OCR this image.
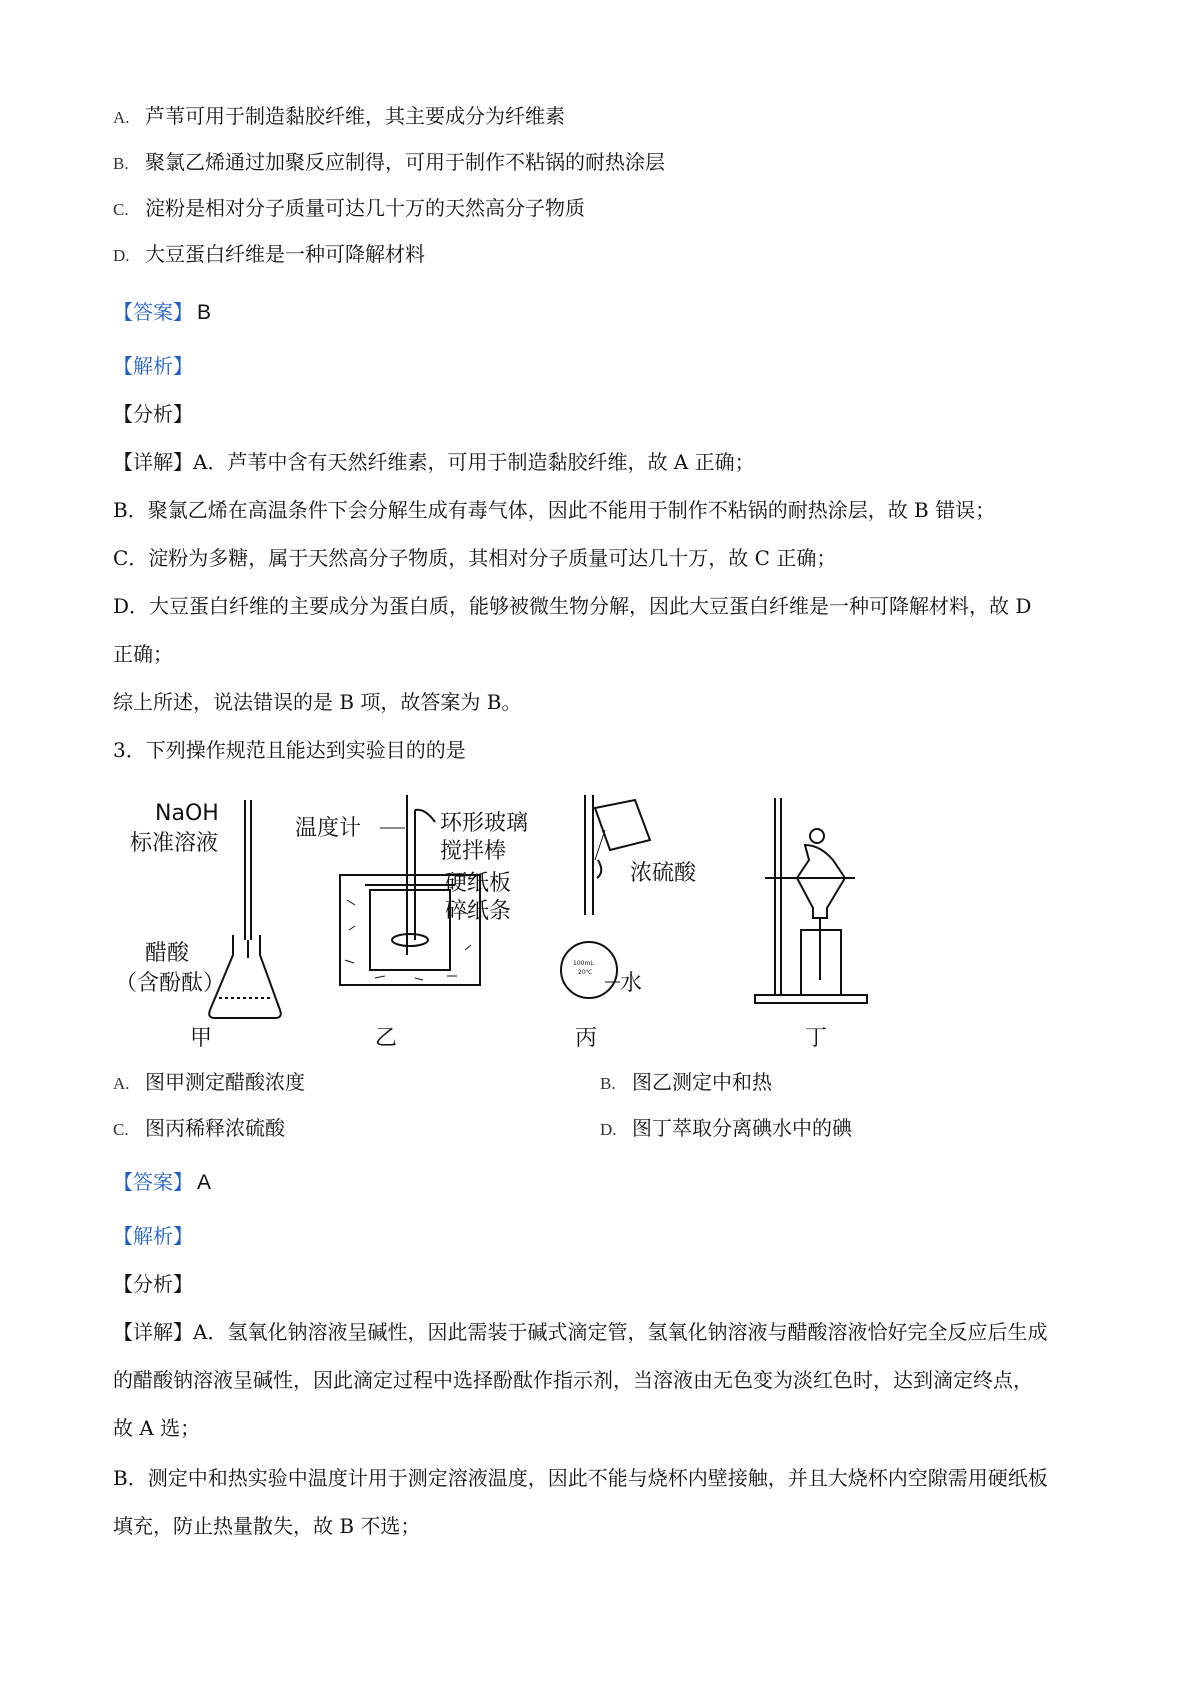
A. 芦苇可用于制造黏胶纤维，其主要成分为纤维素
B. 聚氯乙烯通过加聚反应制得，可用于制作不粘锅的耐热涂层
C. 淀粉是相对分子质量可达几十万的天然高分子物质
D. 大豆蛋白纤维是一种可降解材料
【答案】 B
【解析】
【分析】
【详解】A．芦苇中含有天然纤维素，可用于制造黏胶纤维，故 A 正确；
B．聚氯乙烯在高温条件下会分解生成有毒气体，因此不能用于制作不粘锅的耐热涂层，故 B 错误；
C．淀粉为多糖，属于天然高分子物质，其相对分子质量可达几十万，故 C 正确；
D．大豆蛋白纤维的主要成分为蛋白质，能够被微生物分解，因此大豆蛋白纤维是一种可降解材料，故 D
正确；
综上所述，说法错误的是 B 项，故答案为 B。
3．下列操作规范且能达到实验目的的是
NaOH
标准溶液
醋酸
（含酚酞）
温度计	环形玻璃
搅拌棒
硬纸板
碎纸条
100mL
20℃
浓硫酸
水
甲	乙	丙	丁
A. 图甲测定醋酸浓度	B. 图乙测定中和热
C. 图丙稀释浓硫酸	D. 图丁萃取分离碘水中的碘
【答案】 A
【解析】
【分析】
【详解】A．氢氧化钠溶液呈碱性，因此需装于碱式滴定管，氢氧化钠溶液与醋酸溶液恰好完全反应后生成
的醋酸钠溶液呈碱性，因此滴定过程中选择酚酞作指示剂，当溶液由无色变为淡红色时，达到滴定终点，
故 A 选；
B．测定中和热实验中温度计用于测定溶液温度，因此不能与烧杯内壁接触，并且大烧杯内空隙需用硬纸板
填充，防止热量散失，故 B 不选；
